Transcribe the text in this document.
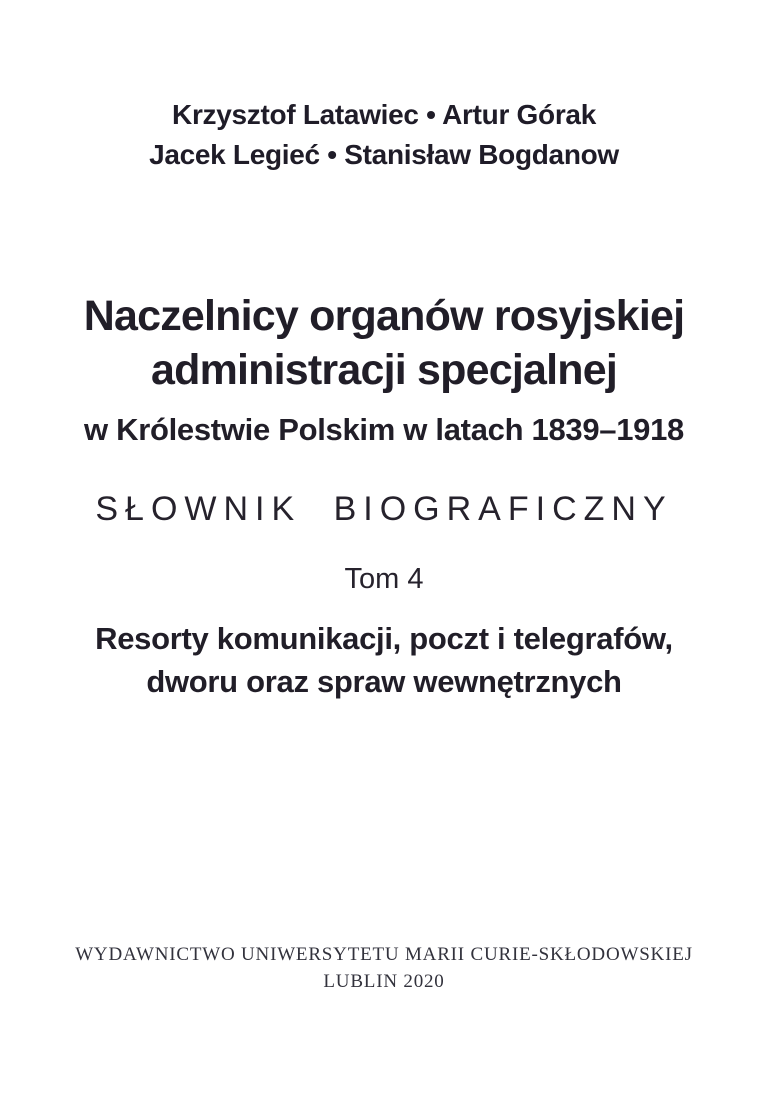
Krzysztof Latawiec • Artur Górak
Jacek Legieć • Stanisław Bogdanow
Naczelnicy organów rosyjskiej
administracji specjalnej
w Królestwie Polskim w latach 1839–1918
SŁOWNIK BIOGRAFICZNY
Tom 4
Resorty komunikacji, poczt i telegrafów,
dworu oraz spraw wewnętrznych
WYDAWNICTWO UNIWERSYTETU MARII CURIE-SKŁODOWSKIEJ
LUBLIN 2020
